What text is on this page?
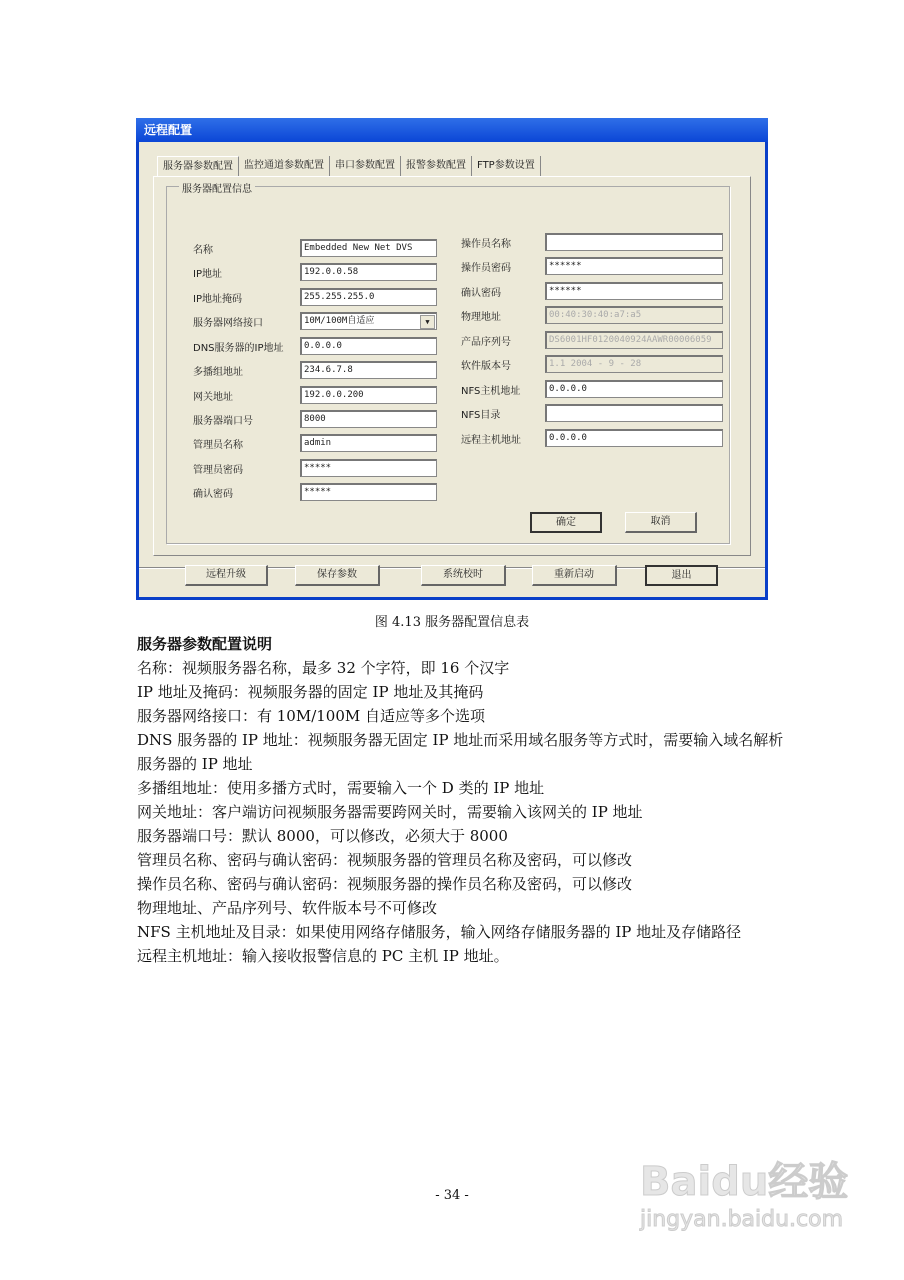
远程配置
服务器参数配置	监控通道参数配置	串口参数配置	报警参数配置	FTP参数设置
服务器配置信息
名称	Embedded New Net DVS
IP地址	192.0.0.58
IP地址掩码	255.255.255.0
服务器网络接口	10M/100M自适应	▼
DNS服务器的IP地址	0.0.0.0
多播组地址	234.6.7.8
网关地址	192.0.0.200
服务器端口号	8000
管理员名称	admin
管理员密码	*****
确认密码	*****
操作员名称
操作员密码	******
确认密码	******
物理地址	00:40:30:40:a7:a5
产品序列号	DS6001HF0120040924AAWR00006059
软件版本号	1.1 2004 - 9 - 28
NFS主机地址	0.0.0.0
NFS目录
远程主机地址	0.0.0.0
确定	取消
远程升级	保存参数	系统校时	重新启动	退出
图 4.13 服务器配置信息表
服务器参数配置说明
名称：视频服务器名称，最多 32 个字符，即 16 个汉字
IP 地址及掩码：视频服务器的固定 IP 地址及其掩码
服务器网络接口：有 10M/100M 自适应等多个选项
DNS 服务器的 IP 地址：视频服务器无固定 IP 地址而采用域名服务等方式时，需要输入域名解析服务器的 IP 地址
多播组地址：使用多播方式时，需要输入一个 D 类的 IP 地址
网关地址：客户端访问视频服务器需要跨网关时，需要输入该网关的 IP 地址
服务器端口号：默认 8000，可以修改，必须大于 8000
管理员名称、密码与确认密码：视频服务器的管理员名称及密码，可以修改
操作员名称、密码与确认密码：视频服务器的操作员名称及密码，可以修改
物理地址、产品序列号、软件版本号不可修改
NFS 主机地址及目录：如果使用网络存储服务，输入网络存储服务器的 IP 地址及存储路径
远程主机地址：输入接收报警信息的 PC 主机 IP 地址。
- 34 -	Baidu经验
jingyan.baidu.com
